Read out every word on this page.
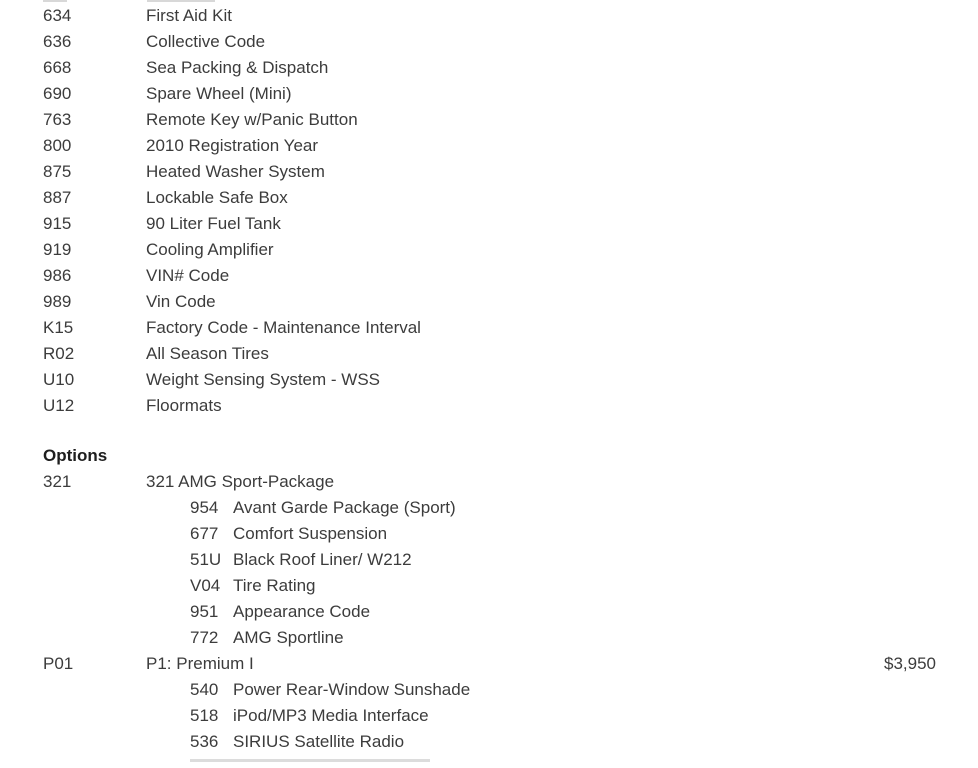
634	First Aid Kit
636	Collective Code
668	Sea Packing & Dispatch
690	Spare Wheel (Mini)
763	Remote Key w/Panic Button
800	2010 Registration Year
875	Heated Washer System
887	Lockable Safe Box
915	90 Liter Fuel Tank
919	Cooling Amplifier
986	VIN# Code
989	Vin Code
K15	Factory Code - Maintenance Interval
R02	All Season Tires
U10	Weight Sensing System - WSS
U12	Floormats
Options
321	321 AMG Sport-Package
954 Avant Garde Package (Sport)
677 Comfort Suspension
51U Black Roof Liner/ W212
V04 Tire Rating
951 Appearance Code
772 AMG Sportline
P01	P1: Premium I	$3,950
540 Power Rear-Window Sunshade
518 iPod/MP3 Media Interface
536 SIRIUS Satellite Radio
